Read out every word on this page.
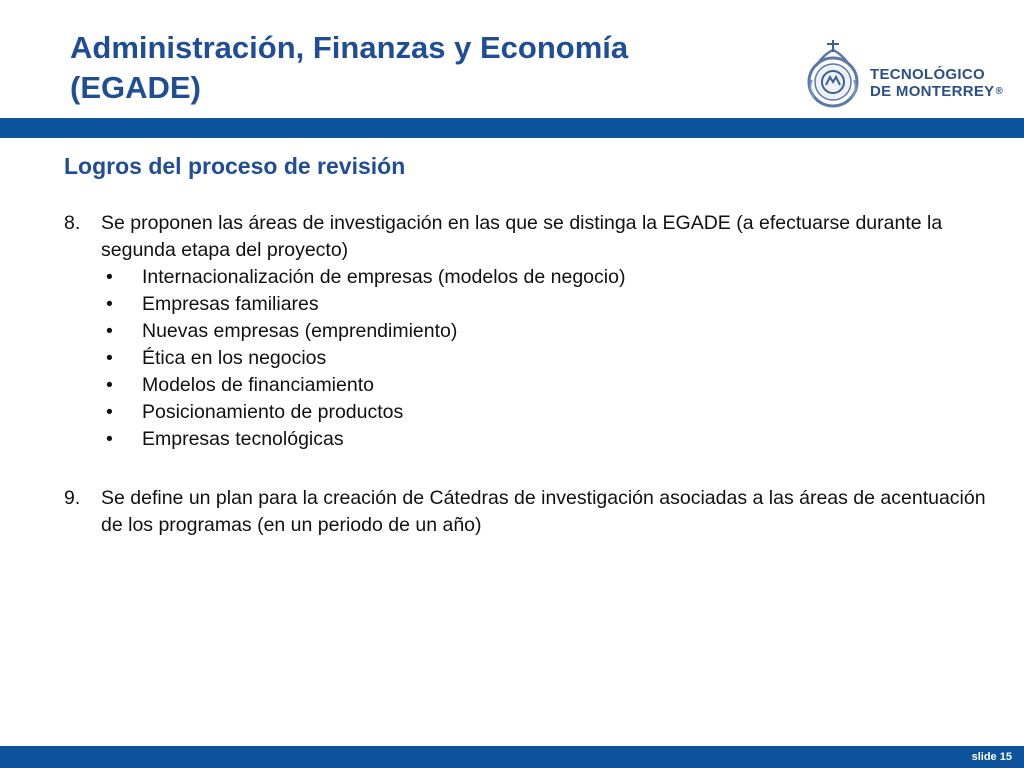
Administración, Finanzas y Economía
(EGADE)	TECNOLÓGICO
DE MONTERREY®
Logros del proceso de revisión
8. Se proponen las áreas de investigación en las que se distinga la EGADE (a efectuarse durante la segunda etapa del proyecto)
• Internacionalización de empresas (modelos de negocio)
• Empresas familiares
• Nuevas empresas (emprendimiento)
• Ética en los negocios
• Modelos de financiamiento
• Posicionamiento de productos
• Empresas tecnológicas
9. Se define un plan para la creación de Cátedras de investigación asociadas a las áreas de acentuación de los programas (en un periodo de un año)
slide 15
